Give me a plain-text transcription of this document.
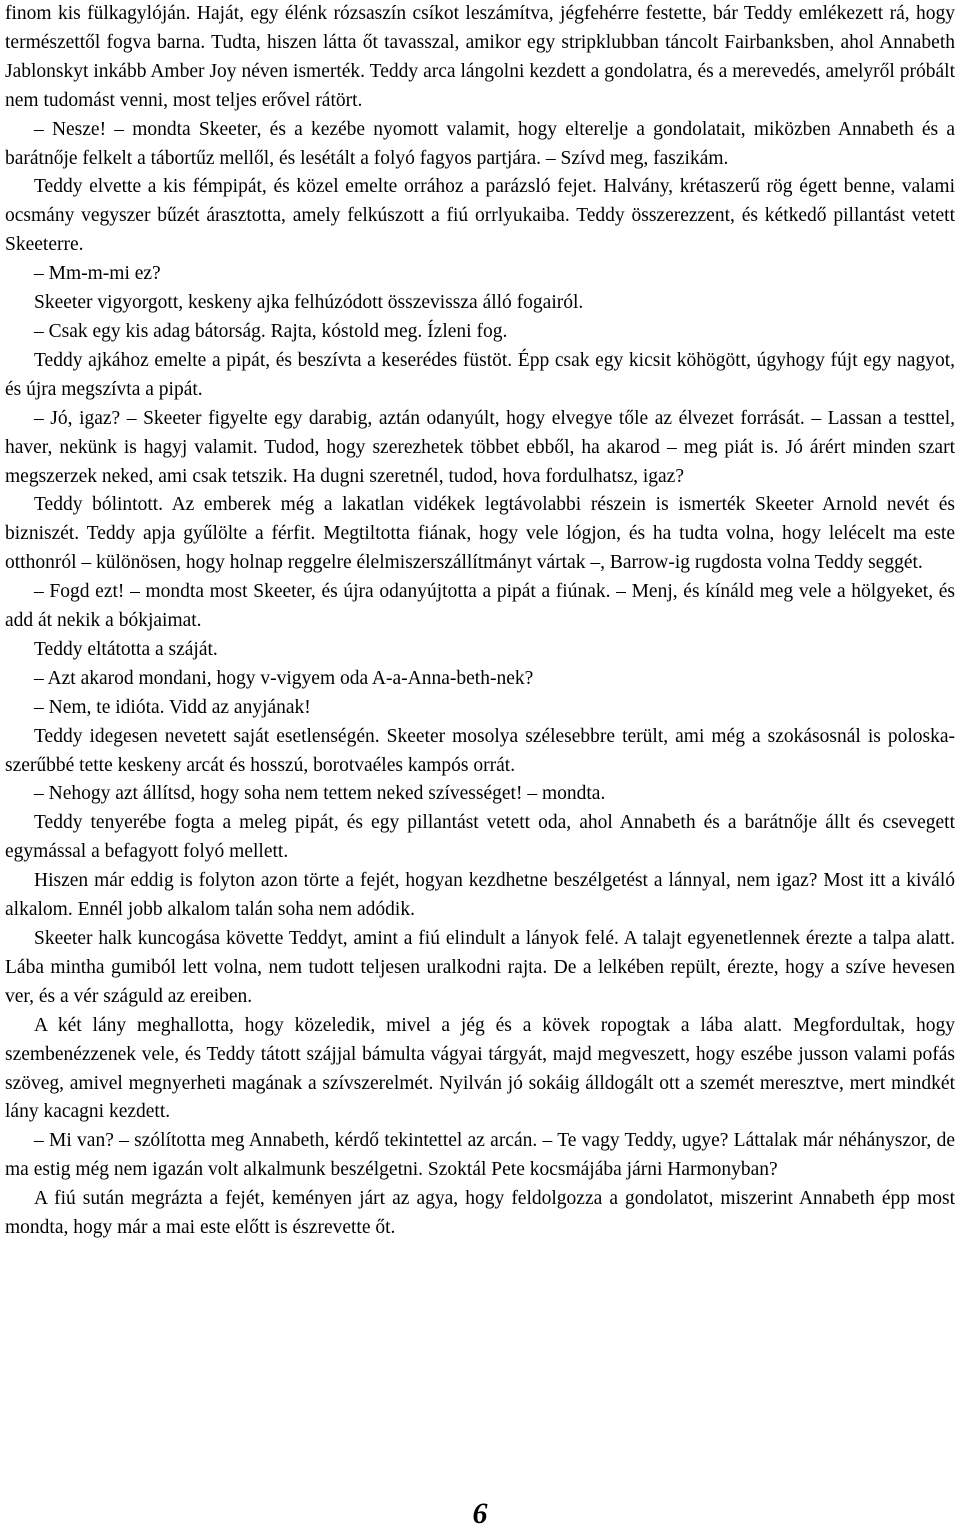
finom kis fülkagylóján. Haját, egy élénk rózsaszín csíkot leszámítva, jégfehérre festette, bár Teddy emlékezett rá, hogy természettől fogva barna. Tudta, hiszen látta őt tavasszal, amikor egy stripklubban táncolt Fairbanksben, ahol Annabeth Jablonskyt inkább Amber Joy néven ismerték. Teddy arca lángolni kezdett a gondolatra, és a merevedés, amelyről próbált nem tudomást venni, most teljes erővel rátört.

– Nesze! – mondta Skeeter, és a kezébe nyomott valamit, hogy elterelje a gondolatait, miközben Annabeth és a barátnője felkelt a tábortűz mellől, és lesétált a folyó fagyos partjára. – Szívd meg, faszikám.

Teddy elvette a kis fémpipát, és közel emelte orrához a parázsló fejet. Halvány, krétaszerű rög égett benne, valami ocsmány vegyszer bűzét árasztotta, amely felkúszott a fiú orrlyukaiba. Teddy összerezzent, és kétkedő pillantást vetett Skeeterre.

– Mm-m-mi ez?

Skeeter vigyorgott, keskeny ajka felhúzódott összevissza álló fogairól.

– Csak egy kis adag bátorság. Rajta, kóstold meg. Ízleni fog.

Teddy ajkához emelte a pipát, és beszívta a keserédes füstöt. Épp csak egy kicsit köhögött, úgyhogy fújt egy nagyot, és újra megszívta a pipát.

– Jó, igaz? – Skeeter figyelte egy darabig, aztán odanyúlt, hogy elvegye tőle az élvezet forrását. – Lassan a testtel, haver, nekünk is hagyj valamit. Tudod, hogy szerezhetek többet ebből, ha akarod – meg piát is. Jó árért minden szart megszerzek neked, ami csak tetszik. Ha dugni szeretnél, tudod, hova fordulhatsz, igaz?

Teddy bólintott. Az emberek még a lakatlan vidékek legtávolabbi részein is ismerték Skeeter Arnold nevét és bizniszét. Teddy apja gyűlölte a férfit. Megtiltotta fiának, hogy vele lógjon, és ha tudta volna, hogy lelécelt ma este otthonról – különösen, hogy holnap reggelre élelmiszerszállítmányt vártak –, Barrow-ig rugdosta volna Teddy seggét.

– Fogd ezt! – mondta most Skeeter, és újra odanyújtotta a pipát a fiúnak. – Menj, és kínáld meg vele a hölgyeket, és add át nekik a bókjaimat.

Teddy eltátotta a száját.

– Azt akarod mondani, hogy v-vigyem oda A-a-Anna-beth-nek?

– Nem, te idióta. Vidd az anyjának!

Teddy idegesen nevetett saját esetlenségén. Skeeter mosolya szélesebbre terült, ami még a szokásosnál is poloska-szerűbbé tette keskeny arcát és hosszú, borotvaéles kampós orrát.

– Nehogy azt állítsd, hogy soha nem tettem neked szívességet! – mondta.

Teddy tenyerébe fogta a meleg pipát, és egy pillantást vetett oda, ahol Annabeth és a barátnője állt és csevegett egymással a befagyott folyó mellett.

Hiszen már eddig is folyton azon törte a fejét, hogyan kezdhetne beszélgetést a lánnyal, nem igaz? Most itt a kiváló alkalom. Ennél jobb alkalom talán soha nem adódik.

Skeeter halk kuncogása követte Teddyt, amint a fiú elindult a lányok felé. A talajt egyenetlennek érezte a talpa alatt. Lába mintha gumiból lett volna, nem tudott teljesen uralkodni rajta. De a lelkében repült, érezte, hogy a szíve hevesen ver, és a vér száguld az ereiben.

A két lány meghallotta, hogy közeledik, mivel a jég és a kövek ropogtak a lába alatt. Megfordultak, hogy szembenézzenek vele, és Teddy tátott szájjal bámulta vágyai tárgyát, majd megveszett, hogy eszébe jusson valami pofás szöveg, amivel megnyerheti magának a szívszerelmét. Nyilván jó sokáig álldogált ott a szemét meresztve, mert mindkét lány kacagni kezdett.

– Mi van? – szólította meg Annabeth, kérdő tekintettel az arcán. – Te vagy Teddy, ugye? Láttalak már néhányszor, de ma estig még nem igazán volt alkalmunk beszélgetni. Szoktál Pete kocsmájába járni Harmonyban?

A fiú sután megrázta a fejét, keményen járt az agya, hogy feldolgozza a gondolatot, miszerint Annabeth épp most mondta, hogy már a mai este előtt is észrevette őt.

6
